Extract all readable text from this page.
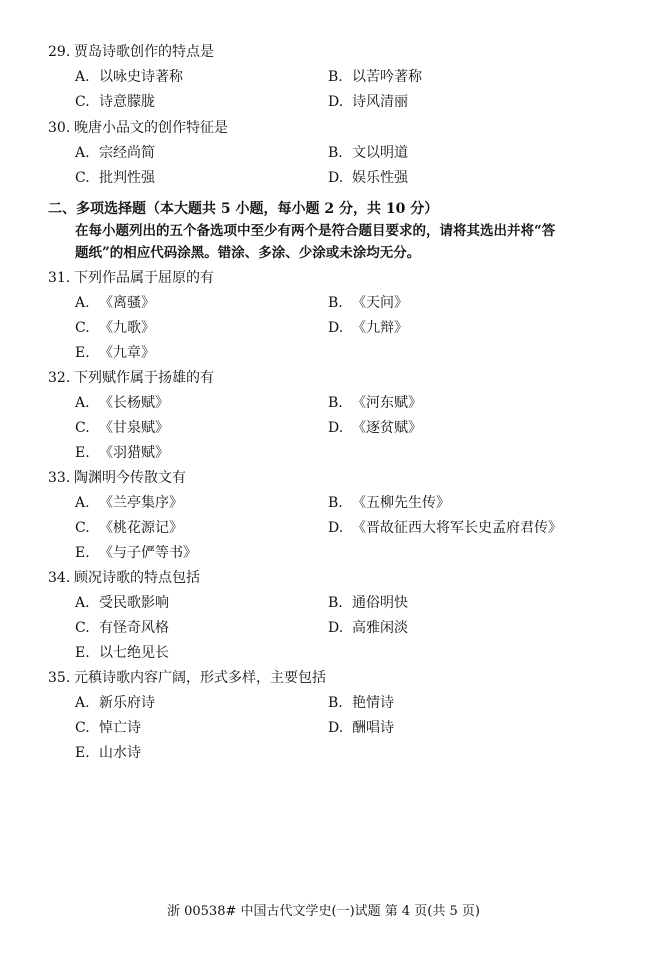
29. 贾岛诗歌创作的特点是
A. 以咏史诗著称	B. 以苦吟著称
C. 诗意朦胧	D. 诗风清丽
30. 晚唐小品文的创作特征是
A. 宗经尚简	B. 文以明道
C. 批判性强	D. 娱乐性强
二、多项选择题（本大题共 5 小题，每小题 2 分，共 10 分）
在每小题列出的五个备选项中至少有两个是符合题目要求的，请将其选出并将“答
题纸”的相应代码涂黑。错涂、多涂、少涂或未涂均无分。
31. 下列作品属于屈原的有
A. 《离骚》	B. 《天问》
C. 《九歌》	D. 《九辩》
E. 《九章》
32. 下列赋作属于扬雄的有
A. 《长杨赋》	B. 《河东赋》
C. 《甘泉赋》	D. 《逐贫赋》
E. 《羽猎赋》
33. 陶渊明今传散文有
A. 《兰亭集序》	B. 《五柳先生传》
C. 《桃花源记》	D. 《晋故征西大将军长史孟府君传》
E. 《与子俨等书》
34. 顾况诗歌的特点包括
A. 受民歌影响	B. 通俗明快
C. 有怪奇风格	D. 高雅闲淡
E. 以七绝见长
35. 元稹诗歌内容广阔，形式多样，主要包括
A. 新乐府诗	B. 艳情诗
C. 悼亡诗	D. 酬唱诗
E. 山水诗
浙 00538# 中国古代文学史(一)试题 第 4 页(共 5 页)
